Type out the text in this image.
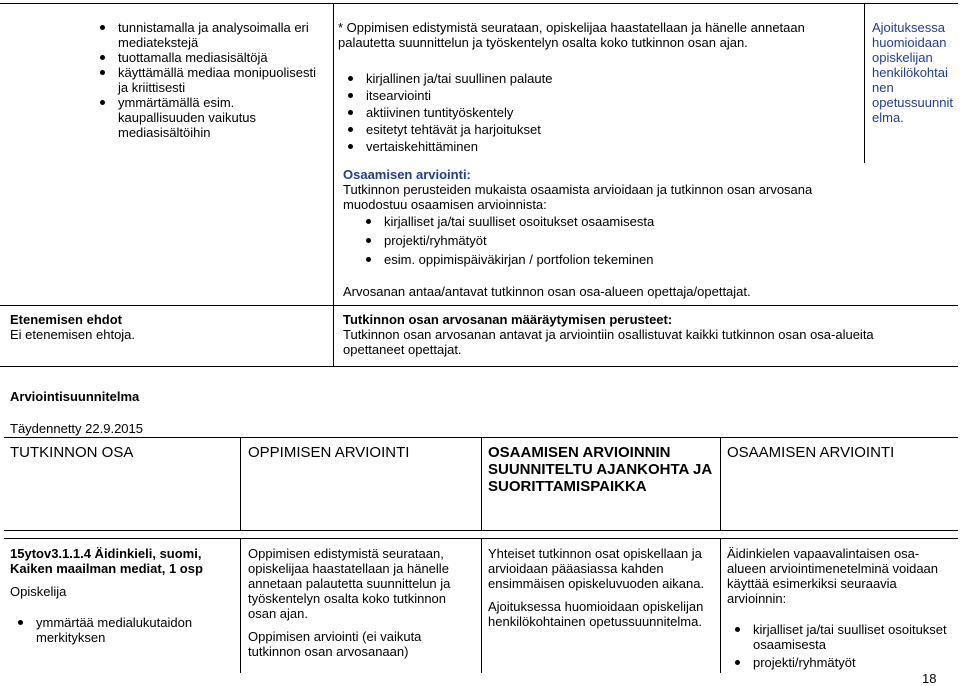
tunnistamalla ja analysoimalla eri mediatekstejä
tuottamalla mediasisältöjä
käyttämällä mediaa monipuolisesti ja kriittisesti
ymmärtämällä esim. kaupallisuuden vaikutus mediasisältöihin
* Oppimisen edistymistä seurataan, opiskelijaa haastatellaan ja hänelle annetaan palautetta suunnittelun ja työskentelyn osalta koko tutkinnon osan ajan.
kirjallinen ja/tai suullinen palaute
itsearviointi
aktiivinen tuntityöskentely
esitetyt tehtävät ja harjoitukset
vertaiskehittäminen
Ajoituksessa huomioidaan opiskelijan henkilökohtainen opetussuunnitelma.
Osaamisen arviointi:
Tutkinnon perusteiden mukaista osaamista arvioidaan ja tutkinnon osan arvosana muodostuu osaamisen arvioinnista:
kirjalliset ja/tai suulliset osoitukset osaamisesta
projekti/ryhmätyöt
esim. oppimispäiväkirjan / portfolion tekeminen
Arvosanan antaa/antavat tutkinnon osan osa-alueen opettaja/opettajat.
Etenemisen ehdot
Ei etenemisen ehtoja.
Tutkinnon osan arvosanan määräytymisen perusteet:
Tutkinnon osan arvosanan antavat ja arviointiin osallistuvat kaikki tutkinnon osan osa-alueita opettaneet opettajat.
Arviointisuunnitelma
Täydennetty 22.9.2015
TUTKINNON OSA	OPPIMISEN ARVIOINTI	OSAAMISEN ARVIOINNIN SUUNNITELTU AJANKOHTA JA SUORITTAMISPAIKKA
OSAAMISEN ARVIOINTI
15ytov3.1.1.4 Äidinkieli, suomi, Kaiken maailman mediat, 1 osp
Opiskelija
ymmärtää medialukutaidon merkityksen
Oppimisen edistymistä seurataan, opiskelijaa haastatellaan ja hänelle annetaan palautetta suunnittelun ja työskentelyn osalta koko tutkinnon osan ajan.
Oppimisen arviointi (ei vaikuta tutkinnon osan arvosanaan)
Yhteiset tutkinnon osat opiskellaan ja arvioidaan pääasiassa kahden ensimmäisen opiskeluvuoden aikana.
Ajoituksessa huomioidaan opiskelijan henkilökohtainen opetussuunnitelma.
Äidinkielen vapaavalintaisen osa-alueen arviointimenetelminä voidaan käyttää esimerkiksi seuraavia arvioinnin:
kirjalliset ja/tai suulliset osoitukset osaamisesta
projekti/ryhmätyöt
18
